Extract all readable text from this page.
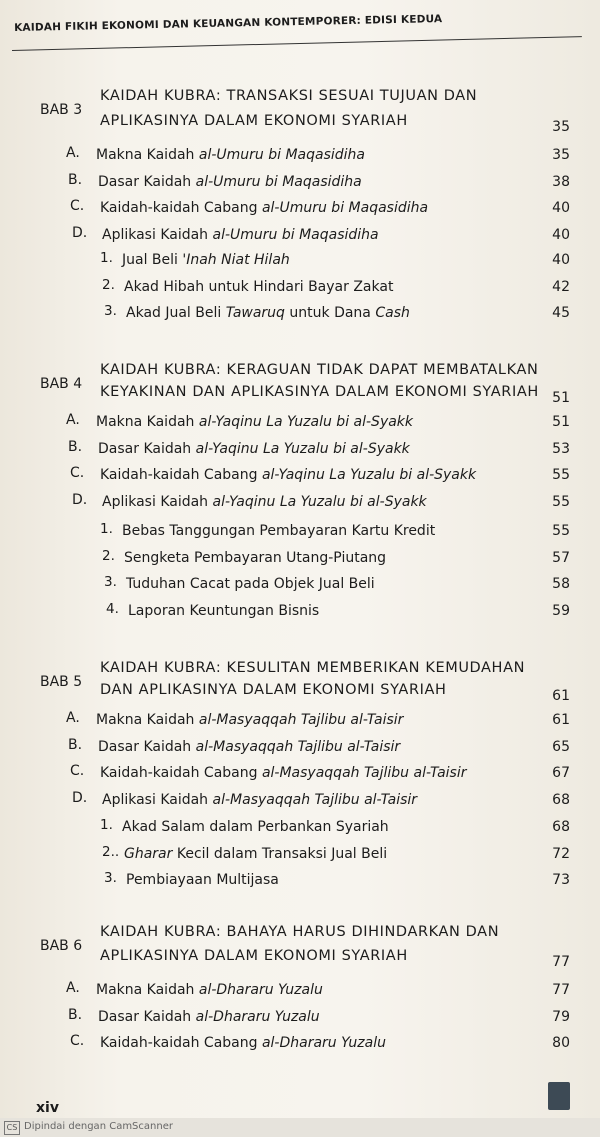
KAIDAH FIKIH EKONOMI DAN KEUANGAN KONTEMPORER: EDISI KEDUA
BAB 3
KAIDAH KUBRA: TRANSAKSI SESUAI TUJUAN DAN
APLIKASINYA DALAM EKONOMI SYARIAH	35
A.	Makna Kaidah al-Umuru bi Maqasidiha	35
B.	Dasar Kaidah al-Umuru bi Maqasidiha	38
C.	Kaidah-kaidah Cabang al-Umuru bi Maqasidiha	40
D.	Aplikasi Kaidah al-Umuru bi Maqasidiha	40
1. Jual Beli 'Inah Niat Hilah	40
2. Akad Hibah untuk Hindari Bayar Zakat	42
3. Akad Jual Beli Tawaruq untuk Dana Cash	45
BAB 4
KAIDAH KUBRA: KERAGUAN TIDAK DAPAT MEMBATALKAN
KEYAKINAN DAN APLIKASINYA DALAM EKONOMI SYARIAH 51
A.	Makna Kaidah al-Yaqinu La Yuzalu bi al-Syakk	51
B.	Dasar Kaidah al-Yaqinu La Yuzalu bi al-Syakk	53
C.	Kaidah-kaidah Cabang al-Yaqinu La Yuzalu bi al-Syakk	55
D.	Aplikasi Kaidah al-Yaqinu La Yuzalu bi al-Syakk	55
1. Bebas Tanggungan Pembayaran Kartu Kredit	55
2. Sengketa Pembayaran Utang-Piutang	57
3. Tuduhan Cacat pada Objek Jual Beli	58
4. Laporan Keuntungan Bisnis	59
BAB 5
KAIDAH KUBRA: KESULITAN MEMBERIKAN KEMUDAHAN
DAN APLIKASINYA DALAM EKONOMI SYARIAH	61
A.	Makna Kaidah al-Masyaqqah Tajlibu al-Taisir	61
B.	Dasar Kaidah al-Masyaqqah Tajlibu al-Taisir	65
C.	Kaidah-kaidah Cabang al-Masyaqqah Tajlibu al-Taisir	67
D.	Aplikasi Kaidah al-Masyaqqah Tajlibu al-Taisir	68
1. Akad Salam dalam Perbankan Syariah	68
2.. Gharar Kecil dalam Transaksi Jual Beli	72
3. Pembiayaan Multijasa	73
BAB 6
KAIDAH KUBRA: BAHAYA HARUS DIHINDARKAN DAN
APLIKASINYA DALAM EKONOMI SYARIAH	77
A.	Makna Kaidah al-Dhararu Yuzalu	77
B.	Dasar Kaidah al-Dhararu Yuzalu	79
C.	Kaidah-kaidah Cabang al-Dhararu Yuzalu	80
xiv
CS Dipindai dengan CamScanner
